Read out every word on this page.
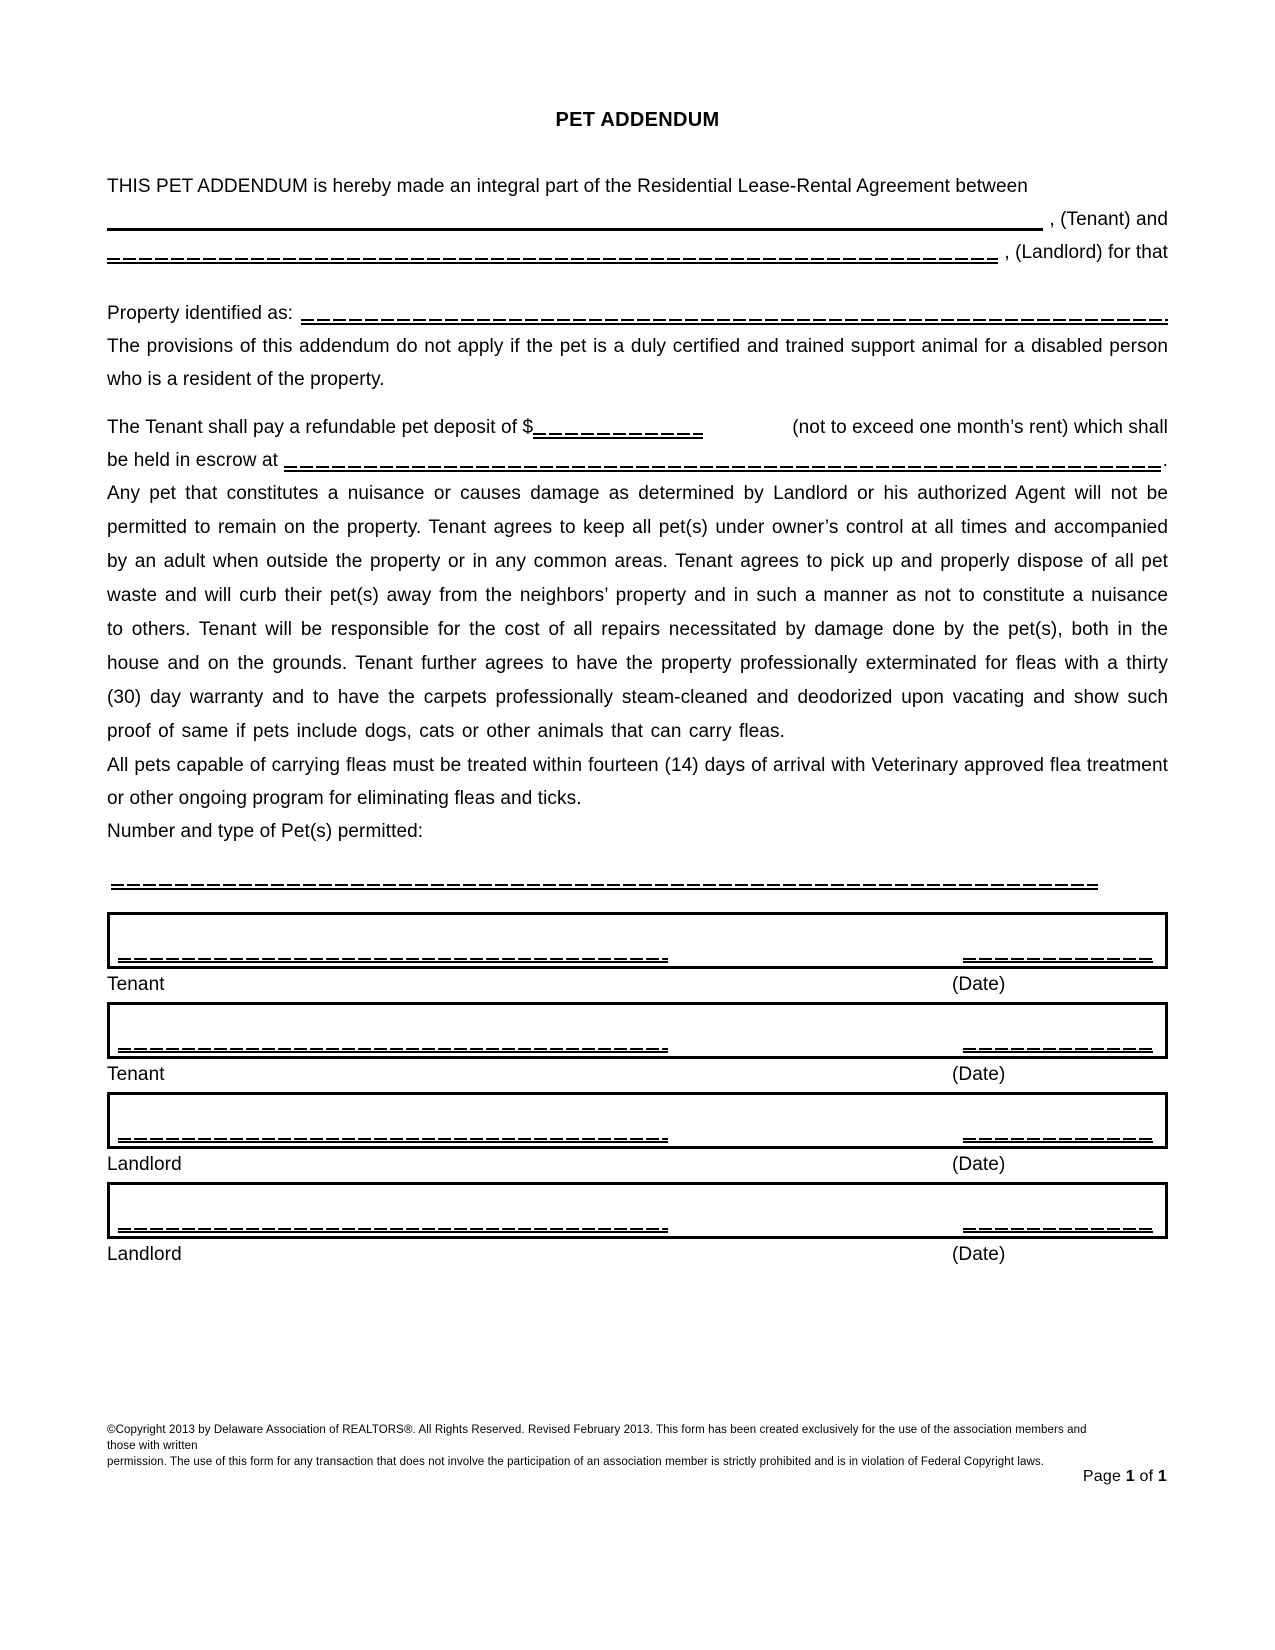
PET ADDENDUM

THIS PET ADDENDUM is hereby made an integral part of the Residential Lease-Rental Agreement between

, (Tenant) and
, (Landlord) for that
Property identified as:

The provisions of this addendum do not apply if the pet is a duly certified and trained support animal for a disabled person who is a resident of the property.

The Tenant shall pay a refundable pet deposit of $	(not to exceed one month’s rent) which shall
be held in escrow at	.

Any pet that constitutes a nuisance or causes damage as determined by Landlord or his authorized Agent will not be permitted to remain on the property. Tenant agrees to keep all pet(s) under owner’s control at all times and accompanied by an adult when outside the property or in any common areas. Tenant agrees to pick up and properly dispose of all pet waste and will curb their pet(s) away from the neighbors’ property and in such a manner as not to constitute a nuisance to others. Tenant will be responsible for the cost of all repairs necessitated by damage done by the pet(s), both in the house and on the grounds. Tenant further agrees to have the property professionally exterminated for fleas with a thirty (30) day warranty and to have the carpets professionally steam-cleaned and deodorized upon vacating and show such proof of same if pets include dogs, cats or other animals that can carry fleas.

All pets capable of carrying fleas must be treated within fourteen (14) days of arrival with Veterinary approved flea treatment or other ongoing program for eliminating fleas and ticks.

Number and type of Pet(s) permitted:

Tenant	(Date)
Tenant	(Date)
Landlord	(Date)
Landlord	(Date)
©Copyright 2013 by Delaware Association of REALTORS®. All Rights Reserved. Revised February 2013. This form has been created exclusively for the use of the association members and those with written
permission. The use of this form for any transaction that does not involve the participation of an association member is strictly prohibited and is in violation of Federal Copyright laws.
Page 1 of 1
